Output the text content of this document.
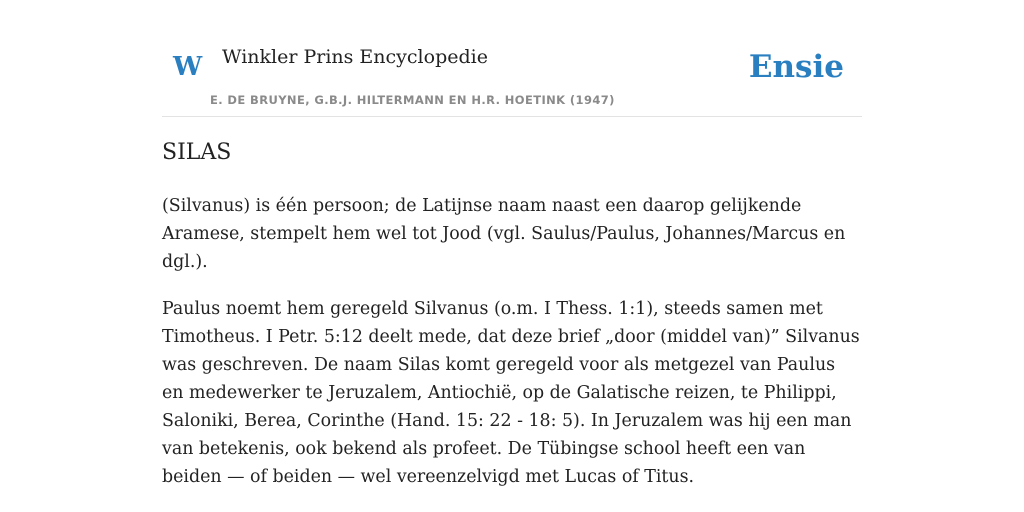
W Winkler Prins Encyclopedie
E. DE BRUYNE, G.B.J. HILTERMANN EN H.R. HOETINK (1947)
Ensie
SILAS

(Silvanus) is één persoon; de Latijnse naam naast een daarop gelijkende Aramese, stempelt hem wel tot Jood (vgl. Saulus/Paulus, Johannes/Marcus en dgl.).

Paulus noemt hem geregeld Silvanus (o.m. I Thess. 1:1), steeds samen met Timotheus. I Petr. 5:12 deelt mede, dat deze brief „door (middel van)” Silvanus was geschreven. De naam Silas komt geregeld voor als metgezel van Paulus en medewerker te Jeruzalem, Antiochië, op de Galatische reizen, te Philippi, Saloniki, Berea, Corinthe (Hand. 15: 22 - 18: 5). In Jeruzalem was hij een man van betekenis, ook bekend als profeet. De Tübingse school heeft een van beiden — of beiden — wel vereenzelvigd met Lucas of Titus.
